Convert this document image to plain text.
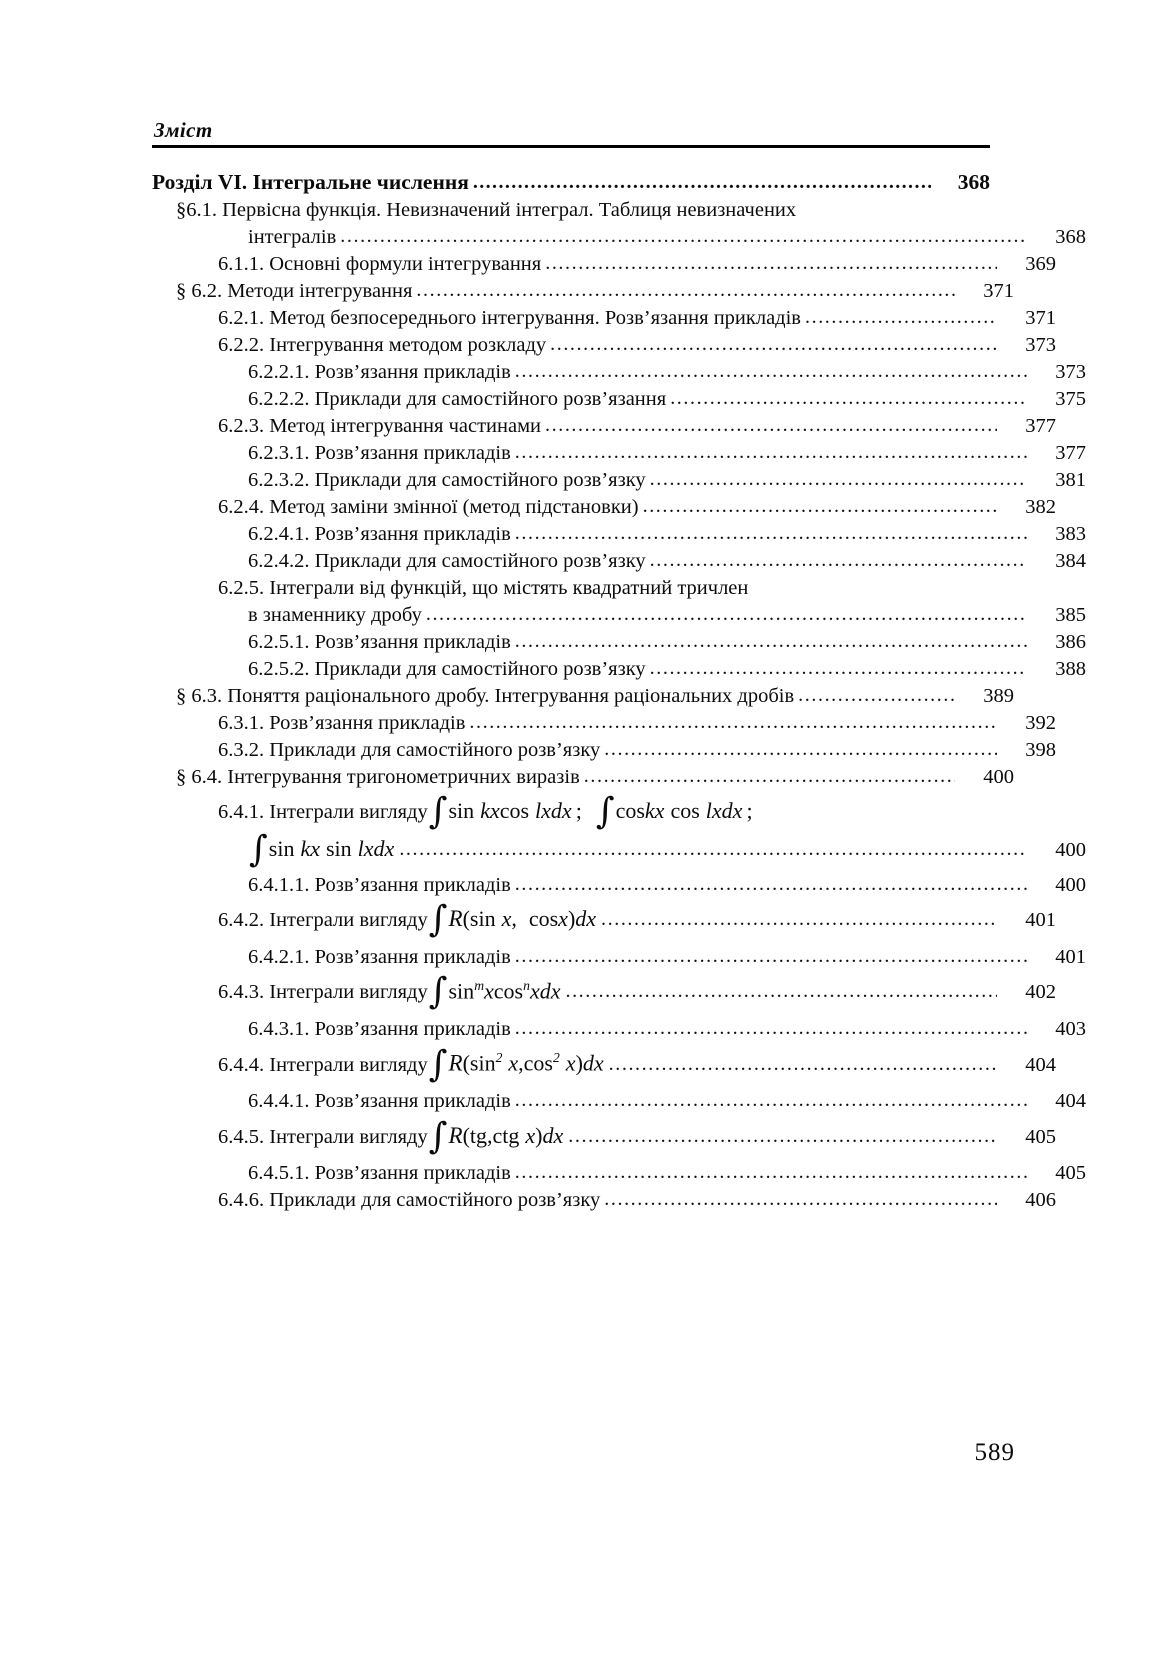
Зміст
Розділ VI. Інтегральне числення .....	368
§6.1. Первісна функція. Невизначений інтеграл. Таблиця невизначених
інтегралів .....	368
6.1.1. Основні формули інтегрування .....	369
§ 6.2. Методи інтегрування .....	371
6.2.1. Метод безпосереднього інтегрування. Розв’язання прикладів .....	371
6.2.2. Інтегрування методом розкладу .....	373
6.2.2.1. Розв’язання прикладів .....	373
6.2.2.2. Приклади для самостійного розв’язання .....	375
6.2.3. Метод інтегрування частинами .....	377
6.2.3.1. Розв’язання прикладів .....	377
6.2.3.2. Приклади для самостійного розв’язку .....	381
6.2.4. Метод заміни змінної (метод підстановки) .....	382
6.2.4.1. Розв’язання прикладів .....	383
6.2.4.2. Приклади для самостійного розв’язку .....	384
6.2.5. Інтеграли від функцій, що містять квадратний тричлен
в знаменнику дробу .....	385
6.2.5.1. Розв’язання прикладів .....	386
6.2.5.2. Приклади для самостійного розв’язку .....	388
§ 6.3. Поняття раціонального дробу. Інтегрування раціональних дробів .....	389
6.3.1. Розв’язання прикладів .....	392
6.3.2. Приклади для самостійного розв’язку .....	398
§ 6.4. Інтегрування тригонометричних виразів .....	400
6.4.1. Інтеграли вигляду ∫sin kxcos lxdx ; ∫coskx cos lxdx ;
∫sin kx sin lxdx .....	400
6.4.1.1. Розв’язання прикладів .....	400
6.4.2. Інтеграли вигляду ∫R(sin x, cosx)dx .....	401
6.4.2.1. Розв’язання прикладів .....	401
6.4.3. Інтеграли вигляду $\int\sin^mxcos^nxdx$ .....	402
6.4.3.1. Розв’язання прикладів .....	403
6.4.4. Інтеграли вигляду $\int R(\sin^2$ $x,\cos^2$ x)dx .....	404
6.4.4.1. Розв’язання прикладів .....	404
6.4.5. Інтеграли вигляду ∫R(tg,ctg x)dx .....	405
6.4.5.1. Розв’язання прикладів .....	405
6.4.6. Приклади для самостійного розв’язку .....	406
589
